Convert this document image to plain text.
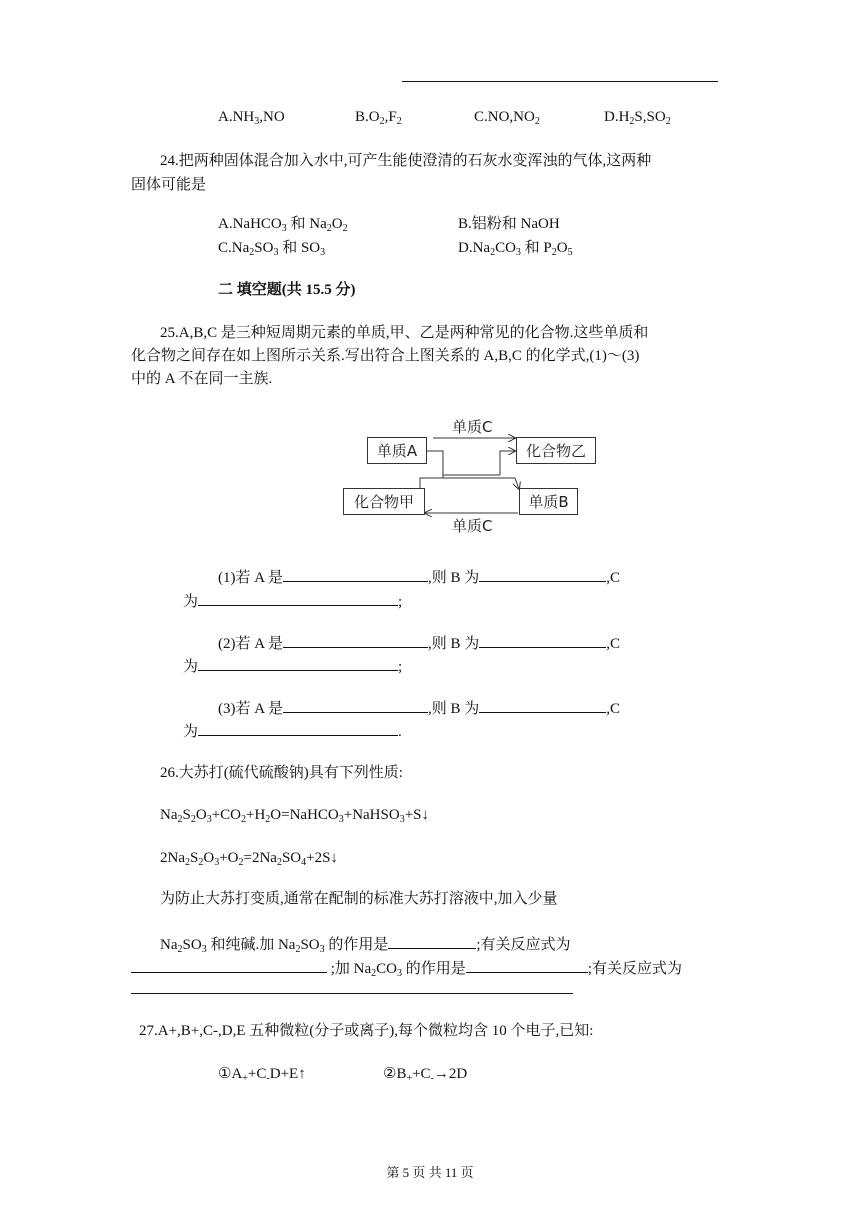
$A.NH_3,NO$	$B.O_2,F_2$	$C.NO,NO_2$	$D.H_2S,SO_2$
24.把两种固体混合加入水中,可产生能使澄清的石灰水变浑浊的气体,这两种
固体可能是
A.NaHCO$_3$ 和 $Na_2O_2$	B.铝粉和 NaOH
$C.Na_2SO_3$ 和 $SO_3$	$D.Na_2CO_3$ 和 $P_2O_5$
二 填空题(共 15.5 分)
25.A,B,C 是三种短周期元素的单质,甲、乙是两种常见的化合物.这些单质和
化合物之间存在如上图所示关系.写出符合上图关系的 A,B,C 的化学式,(1)～(3)
中的 A 不在同一主族.
单质C
单质A	化合物乙
化合物甲	单质B
单质C
(1)若 A 是	,则 B 为	,C
为	;
(2)若 A 是	,则 B 为	,C
为	;
(3)若 A 是	,则 B 为	,C
为	.
26.大苏打(硫代硫酸钠)具有下列性质:
$Na_2S_2O_3+CO_2+H_2O=NaHCO_3+NaHSO_3+S↓$
$2Na_2S_2O_3+O_2=2Na_2SO_4+2S↓$
为防止大苏打变质,通常在配制的标准大苏打溶液中,加入少量
$Na_2SO_3$ 和纯碱.加 $Na_2SO_3$ 的作用是	;有关反应式为
;加 $Na_2CO_3$ 的作用是	;有关反应式为
27.A+,B+,C-,D,E 五种微粒(分子或离子),每个微粒均含 10 个电子,已知:
$①A_++C_-D+E↑$	$②B_++C_-\to 2D$
第 5 页 共 11 页
